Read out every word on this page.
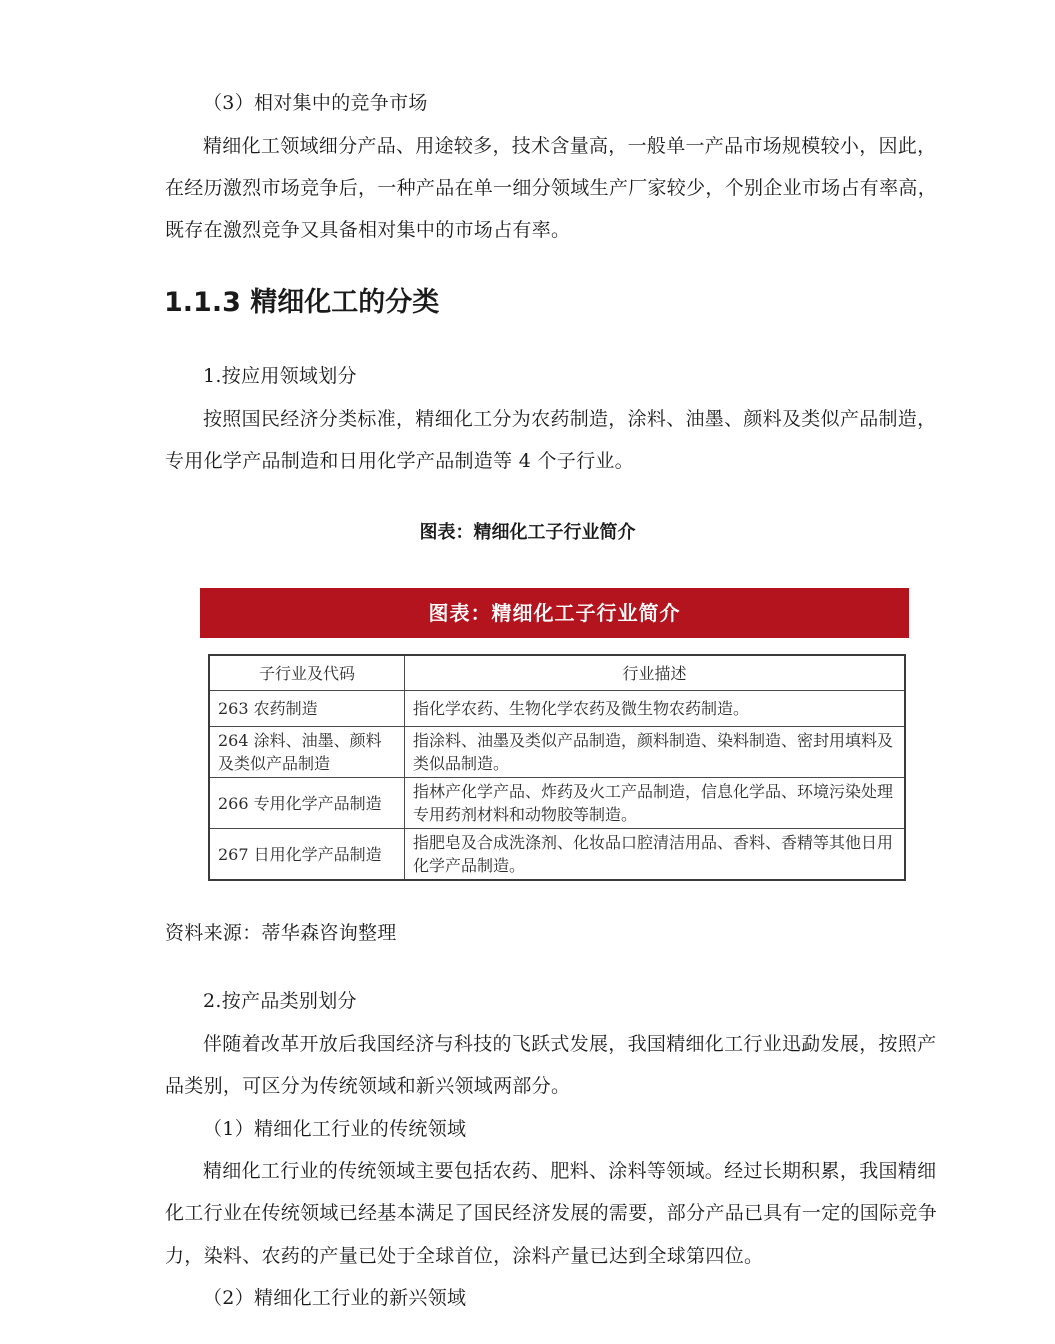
（3）相对集中的竞争市场
精细化工领域细分产品、用途较多，技术含量高，一般单一产品市场规模较小，因此，
在经历激烈市场竞争后，一种产品在单一细分领域生产厂家较少，个别企业市场占有率高，
既存在激烈竞争又具备相对集中的市场占有率。
1.1.3 精细化工的分类
1.按应用领域划分
按照国民经济分类标准，精细化工分为农药制造，涂料、油墨、颜料及类似产品制造，
专用化学产品制造和日用化学产品制造等 4 个子行业。
图表：精细化工子行业简介
图表：精细化工子行业简介
子行业及代码	行业描述
263 农药制造	指化学农药、生物化学农药及微生物农药制造。
264 涂料、油墨、颜料及类似产品制造	指涂料、油墨及类似产品制造，颜料制造、染料制造、密封用填料及类似品制造。
266 专用化学产品制造	指林产化学产品、炸药及火工产品制造，信息化学品、环境污染处理专用药剂材料和动物胶等制造。
267 日用化学产品制造	指肥皂及合成洗涤剂、化妆品口腔清洁用品、香料、香精等其他日用化学产品制造。
资料来源：蒂华森咨询整理
2.按产品类别划分
伴随着改革开放后我国经济与科技的飞跃式发展，我国精细化工行业迅勐发展，按照产
品类别，可区分为传统领域和新兴领域两部分。
（1）精细化工行业的传统领域
精细化工行业的传统领域主要包括农药、肥料、涂料等领域。经过长期积累，我国精细
化工行业在传统领域已经基本满足了国民经济发展的需要，部分产品已具有一定的国际竞争
力，染料、农药的产量已处于全球首位，涂料产量已达到全球第四位。
（2）精细化工行业的新兴领域
